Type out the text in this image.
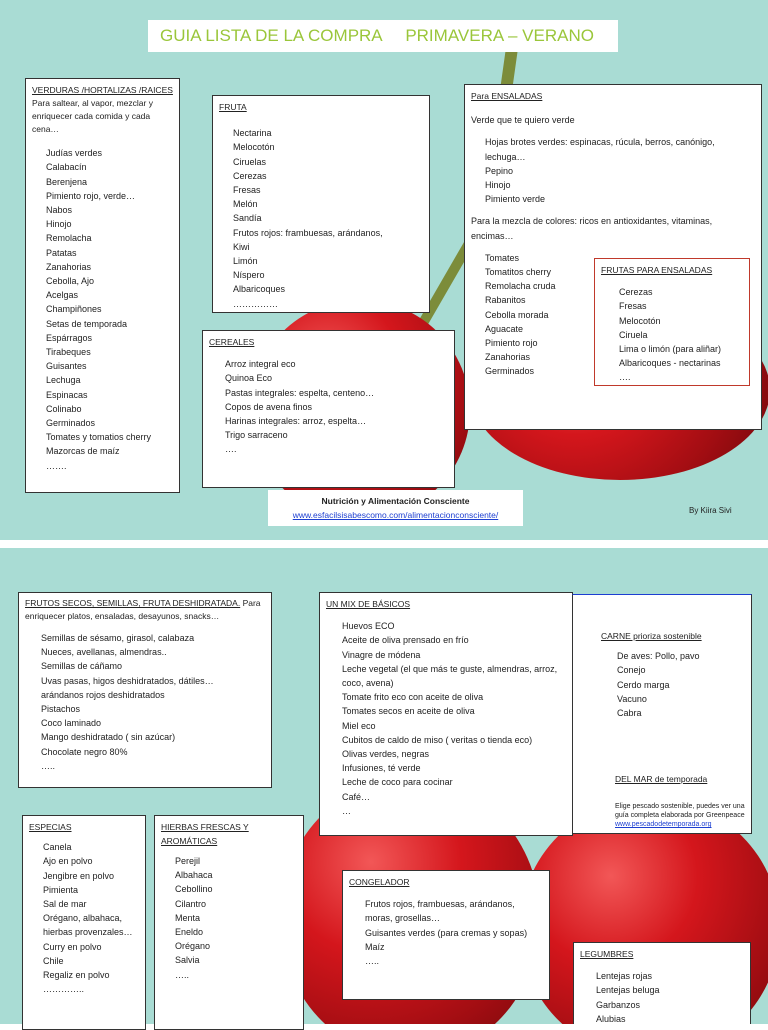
GUIA LISTA DE LA COMPRA     PRIMAVERA – VERANO
VERDURAS /HORTALIZAS /RAICES
Para saltear, al vapor, mezclar y enriquecer cada comida y cada cena…
Judías verdes
Calabacín
Berenjena
Pimiento rojo, verde…
Nabos
Hinojo
Remolacha
Patatas
Zanahorias
Cebolla, Ajo
Acelgas
Champiñones
Setas de temporada
Espárragos
Tirabeques
Guisantes
Lechuga
Espinacas
Colinabo
Germinados
Tomates y tomatios cherry
Mazorcas de maíz
…….
FRUTA
Nectarina
Melocotón
Ciruelas
Cerezas
Fresas
Melón
Sandía
Frutos rojos: frambuesas, arándanos,
Kiwi
Limón
Níspero
Albaricoques
……………
CEREALES
Arroz integral eco
Quinoa Eco
Pastas integrales: espelta, centeno…
Copos de avena finos
Harinas integrales: arroz, espelta…
Trigo sarraceno
….
Para ENSALADAS
Verde que te quiero verde
Hojas brotes verdes: espinacas, rúcula, berros, canónigo, lechuga…
Pepino
Hinojo
Pimiento verde
Para la mezcla de colores: ricos en antioxidantes, vitaminas, encimas…
Tomates
Tomatitos cherry
Remolacha cruda
Rabanitos
Cebolla morada
Aguacate
Pimiento rojo
Zanahorias
Germinados
FRUTAS PARA ENSALADAS
Cerezas
Fresas
Melocotón
Ciruela
Lima o limón (para aliñar)
Albaricoques - nectarinas
….
Nutrición y Alimentación Consciente
www.esfacilsisabescomo.com/alimentacionconsciente/	By Kiira Sivi
FRUTOS SECOS, SEMILLAS, FRUTA DESHIDRATADA. Para enriquecer platos, ensaladas, desayunos, snacks…
Semillas de sésamo, girasol, calabaza
Nueces, avellanas, almendras..
Semillas de cáñamo
Uvas pasas, higos deshidratados, dátiles…
arándanos rojos deshidratados
Pistachos
Coco laminado
Mango deshidratado ( sin azúcar)
Chocolate negro 80%
…..
UN MIX DE BÁSICOS
Huevos ECO
Aceite de oliva prensado en frío
Vinagre de módena
Leche vegetal (el que más te guste, almendras, arroz, coco, avena)
Tomate frito eco con aceite de oliva
Tomates secos en aceite de oliva
Miel eco
Cubitos de caldo de miso ( veritas o tienda eco)
Olivas verdes, negras
Infusiones, té verde
Leche de coco para cocinar
Café…
…
CARNE prioriza sostenible
De aves: Pollo, pavo
Conejo
Cerdo marga
Vacuno
Cabra
DEL MAR de temporada
Elige pescado sostenible, puedes ver una guía completa elaborada por Greenpeace
www.pescadodetemporada.org
ESPECIAS
Canela
Ajo en polvo
Jengibre en polvo
Pimienta
Sal de mar
Orégano, albahaca, hierbas provenzales…
Curry en polvo
Chile
Regaliz en polvo
…………..
HIERBAS FRESCAS Y AROMÁTICAS
Perejil
Albahaca
Cebollino
Cilantro
Menta
Eneldo
Orégano
Salvia
…..
CONGELADOR
Frutos rojos, frambuesas, arándanos, moras, grosellas…
Guisantes verdes (para cremas y sopas)
Maíz
…..
LEGUMBRES
Lentejas rojas
Lentejas beluga
Garbanzos
Alubias
